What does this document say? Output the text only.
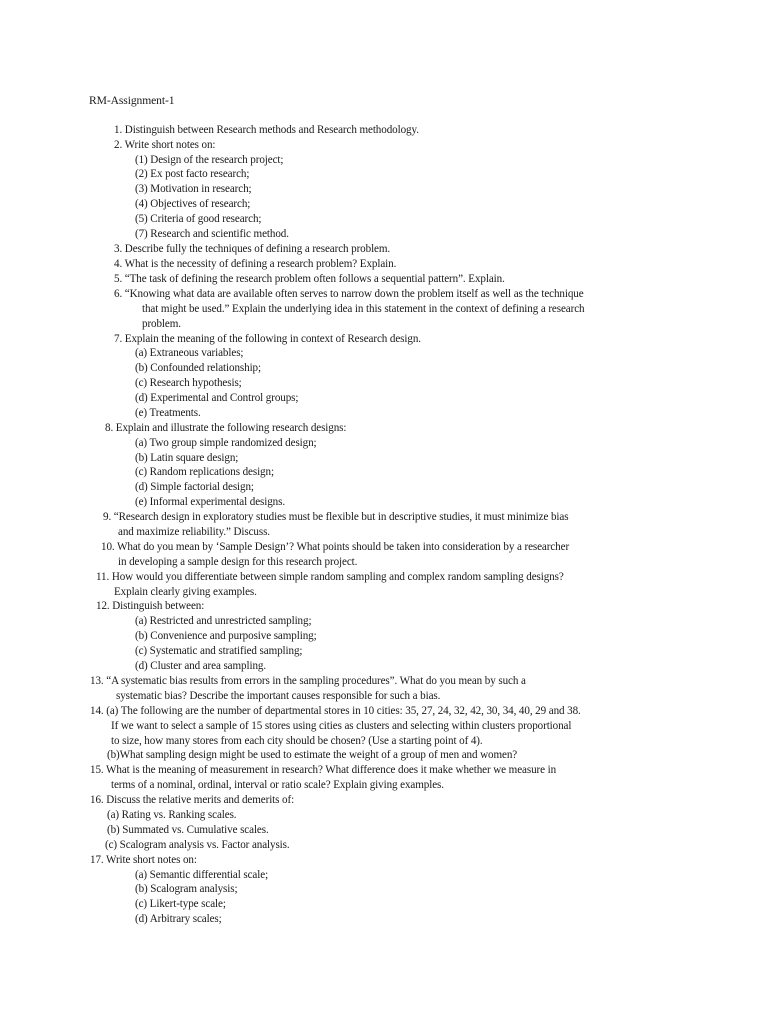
RM-Assignment-1
1. Distinguish between Research methods and Research methodology.
2. Write short notes on:
(1) Design of the research project;
(2) Ex post facto research;
(3) Motivation in research;
(4) Objectives of research;
(5) Criteria of good research;
(7) Research and scientific method.
3. Describe fully the techniques of defining a research problem.
4. What is the necessity of defining a research problem? Explain.
5. “The task of defining the research problem often follows a sequential pattern”. Explain.
6. “Knowing what data are available often serves to narrow down the problem itself as well as the technique
that might be used.” Explain the underlying idea in this statement in the context of defining a research
problem.
7. Explain the meaning of the following in context of Research design.
(a) Extraneous variables;
(b) Confounded relationship;
(c) Research hypothesis;
(d) Experimental and Control groups;
(e) Treatments.
8. Explain and illustrate the following research designs:
(a) Two group simple randomized design;
(b) Latin square design;
(c) Random replications design;
(d) Simple factorial design;
(e) Informal experimental designs.
9. “Research design in exploratory studies must be flexible but in descriptive studies, it must minimize bias
and maximize reliability.” Discuss.
10. What do you mean by ‘Sample Design’? What points should be taken into consideration by a researcher
in developing a sample design for this research project.
11. How would you differentiate between simple random sampling and complex random sampling designs?
Explain clearly giving examples.
12. Distinguish between:
(a) Restricted and unrestricted sampling;
(b) Convenience and purposive sampling;
(c) Systematic and stratified sampling;
(d) Cluster and area sampling.
13. “A systematic bias results from errors in the sampling procedures”. What do you mean by such a
systematic bias? Describe the important causes responsible for such a bias.
14. (a) The following are the number of departmental stores in 10 cities: 35, 27, 24, 32, 42, 30, 34, 40, 29 and 38.
If we want to select a sample of 15 stores using cities as clusters and selecting within clusters proportional
to size, how many stores from each city should be chosen? (Use a starting point of 4).
(b)What sampling design might be used to estimate the weight of a group of men and women?
15. What is the meaning of measurement in research? What difference does it make whether we measure in
terms of a nominal, ordinal, interval or ratio scale? Explain giving examples.
16. Discuss the relative merits and demerits of:
(a) Rating vs. Ranking scales.
(b) Summated vs. Cumulative scales.
(c) Scalogram analysis vs. Factor analysis.
17. Write short notes on:
(a) Semantic differential scale;
(b) Scalogram analysis;
(c) Likert-type scale;
(d) Arbitrary scales;
